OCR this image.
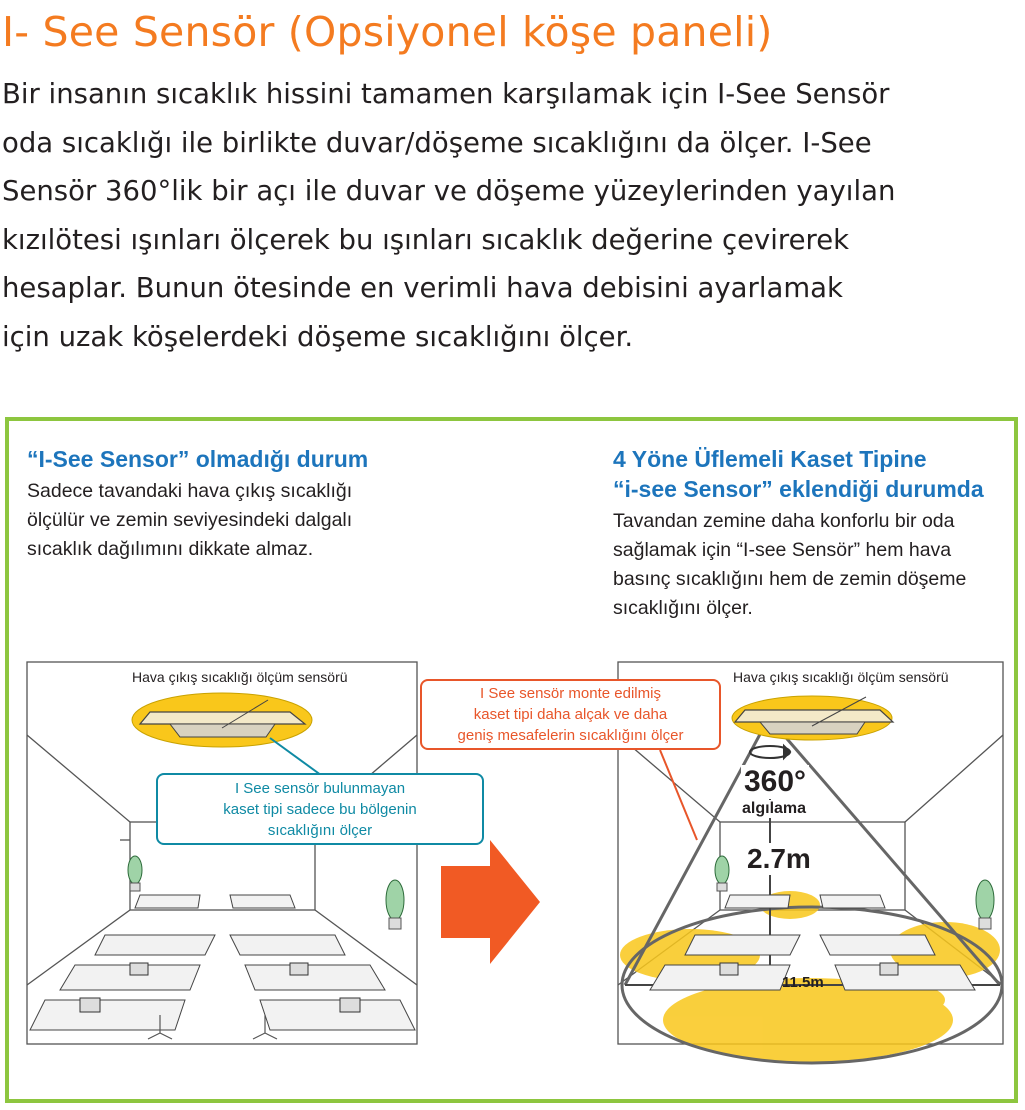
I- See Sensör (Opsiyonel köşe paneli)

Bir insanın sıcaklık hissini tamamen karşılamak için I-See Sensör
oda sıcaklığı ile birlikte duvar/döşeme sıcaklığını da ölçer. I-See
Sensör 360°lik bir açı ile duvar ve döşeme yüzeylerinden yayılan
kızılötesi ışınları ölçerek bu ışınları sıcaklık değerine çevirerek
hesaplar. Bunun ötesinde en verimli hava debisini ayarlamak
için uzak köşelerdeki döşeme sıcaklığını ölçer.

“I-See Sensor” olmadığı durum
Sadece tavandaki hava çıkış sıcaklığı
ölçülür ve zemin seviyesindeki dalgalı
sıcaklık dağılımını dikkate almaz.
4 Yöne Üflemeli Kaset Tipine
“i-see Sensor” eklendiği durumda
Tavandan zemine daha konforlu bir oda
sağlamak için “I-see Sensör” hem hava
basınç sıcaklığını hem de zemin döşeme
sıcaklığını ölçer.
Hava çıkış sıcaklığı ölçüm sensörü
I See sensör bulunmayan
kaset tipi sadece bu bölgenin
sıcaklığını ölçer
Hava çıkış sıcaklığı ölçüm sensörü
I See sensör monte edilmiş
kaset tipi daha alçak ve daha
geniş mesafelerin sıcaklığını ölçer
360°
algılama
2.7m
11.5m
